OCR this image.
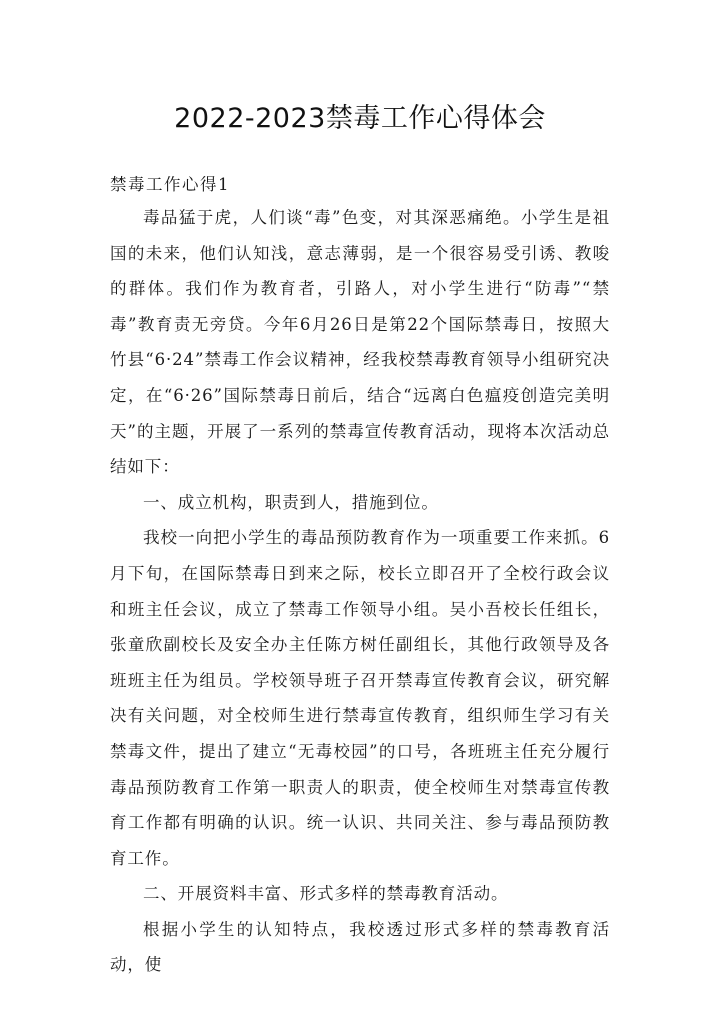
2022-2023禁毒工作心得体会

禁毒工作心得1

毒品猛于虎，人们谈“毒”色变，对其深恶痛绝。小学生是祖国的未来，他们认知浅，意志薄弱，是一个很容易受引诱、教唆的群体。我们作为教育者，引路人，对小学生进行“防毒”“禁毒”教育责无旁贷。今年6月26日是第22个国际禁毒日，按照大竹县“6·24”禁毒工作会议精神，经我校禁毒教育领导小组研究决定，在“6·26”国际禁毒日前后，结合“远离白色瘟疫创造完美明天”的主题，开展了一系列的禁毒宣传教育活动，现将本次活动总结如下：

一、成立机构，职责到人，措施到位。

我校一向把小学生的毒品预防教育作为一项重要工作来抓。6月下旬，在国际禁毒日到来之际，校长立即召开了全校行政会议和班主任会议，成立了禁毒工作领导小组。吴小吾校长任组长，张童欣副校长及安全办主任陈方树任副组长，其他行政领导及各班班主任为组员。学校领导班子召开禁毒宣传教育会议，研究解决有关问题，对全校师生进行禁毒宣传教育，组织师生学习有关禁毒文件，提出了建立“无毒校园”的口号，各班班主任充分履行毒品预防教育工作第一职责人的职责，使全校师生对禁毒宣传教育工作都有明确的认识。统一认识、共同关注、参与毒品预防教育工作。

二、开展资料丰富、形式多样的禁毒教育活动。

根据小学生的认知特点，我校透过形式多样的禁毒教育活动，使
